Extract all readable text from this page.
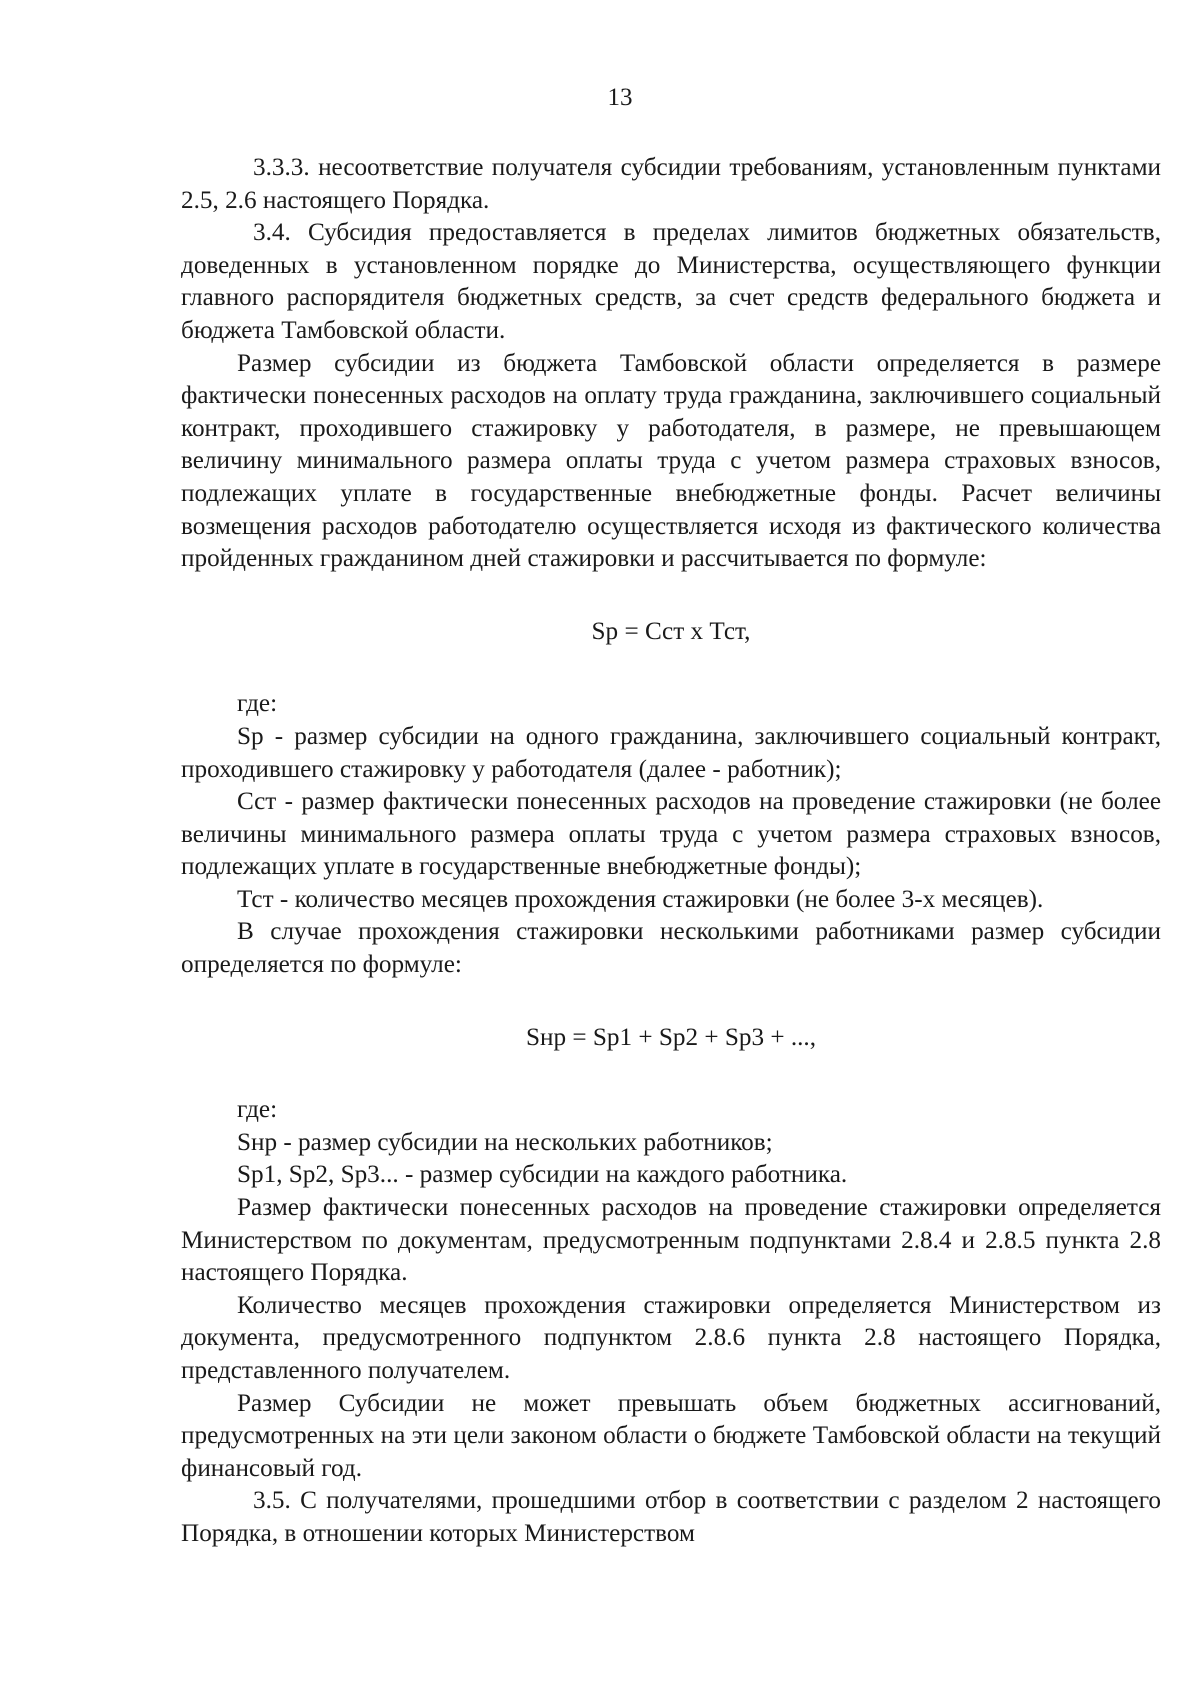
13

3.3.3. несоответствие получателя субсидии требованиям, установленным пунктами 2.5, 2.6 настоящего Порядка.

3.4. Субсидия предоставляется в пределах лимитов бюджетных обязательств, доведенных в установленном порядке до Министерства, осуществляющего функции главного распорядителя бюджетных средств, за счет средств федерального бюджета и бюджета Тамбовской области.

Размер субсидии из бюджета Тамбовской области определяется в размере фактически понесенных расходов на оплату труда гражданина, заключившего социальный контракт, проходившего стажировку у работодателя, в размере, не превышающем величину минимального размера оплаты труда с учетом размера страховых взносов, подлежащих уплате в государственные внебюджетные фонды. Расчет величины возмещения расходов работодателю осуществляется исходя из фактического количества пройденных гражданином дней стажировки и рассчитывается по формуле:

Sp = Сст х Тст,

где:

Sp - размер субсидии на одного гражданина, заключившего социальный контракт, проходившего стажировку у работодателя (далее - работник);

Сст - размер фактически понесенных расходов на проведение стажировки (не более величины минимального размера оплаты труда с учетом размера страховых взносов, подлежащих уплате в государственные внебюджетные фонды);

Тст - количество месяцев прохождения стажировки (не более 3-х месяцев).

В случае прохождения стажировки несколькими работниками размер субсидии определяется по формуле:

Sнр = Sp1 + Sp2 + Sp3 + ...,

где:

Sнр - размер субсидии на нескольких работников;

Sp1, Sp2, Sp3... - размер субсидии на каждого работника.

Размер фактически понесенных расходов на проведение стажировки определяется Министерством по документам, предусмотренным подпунктами 2.8.4 и 2.8.5 пункта 2.8 настоящего Порядка.

Количество месяцев прохождения стажировки определяется Министерством из документа, предусмотренного подпунктом 2.8.6 пункта 2.8 настоящего Порядка, представленного получателем.

Размер Субсидии не может превышать объем бюджетных ассигнований, предусмотренных на эти цели законом области о бюджете Тамбовской области на текущий финансовый год.

3.5. С получателями, прошедшими отбор в соответствии с разделом 2 настоящего Порядка, в отношении которых Министерством
